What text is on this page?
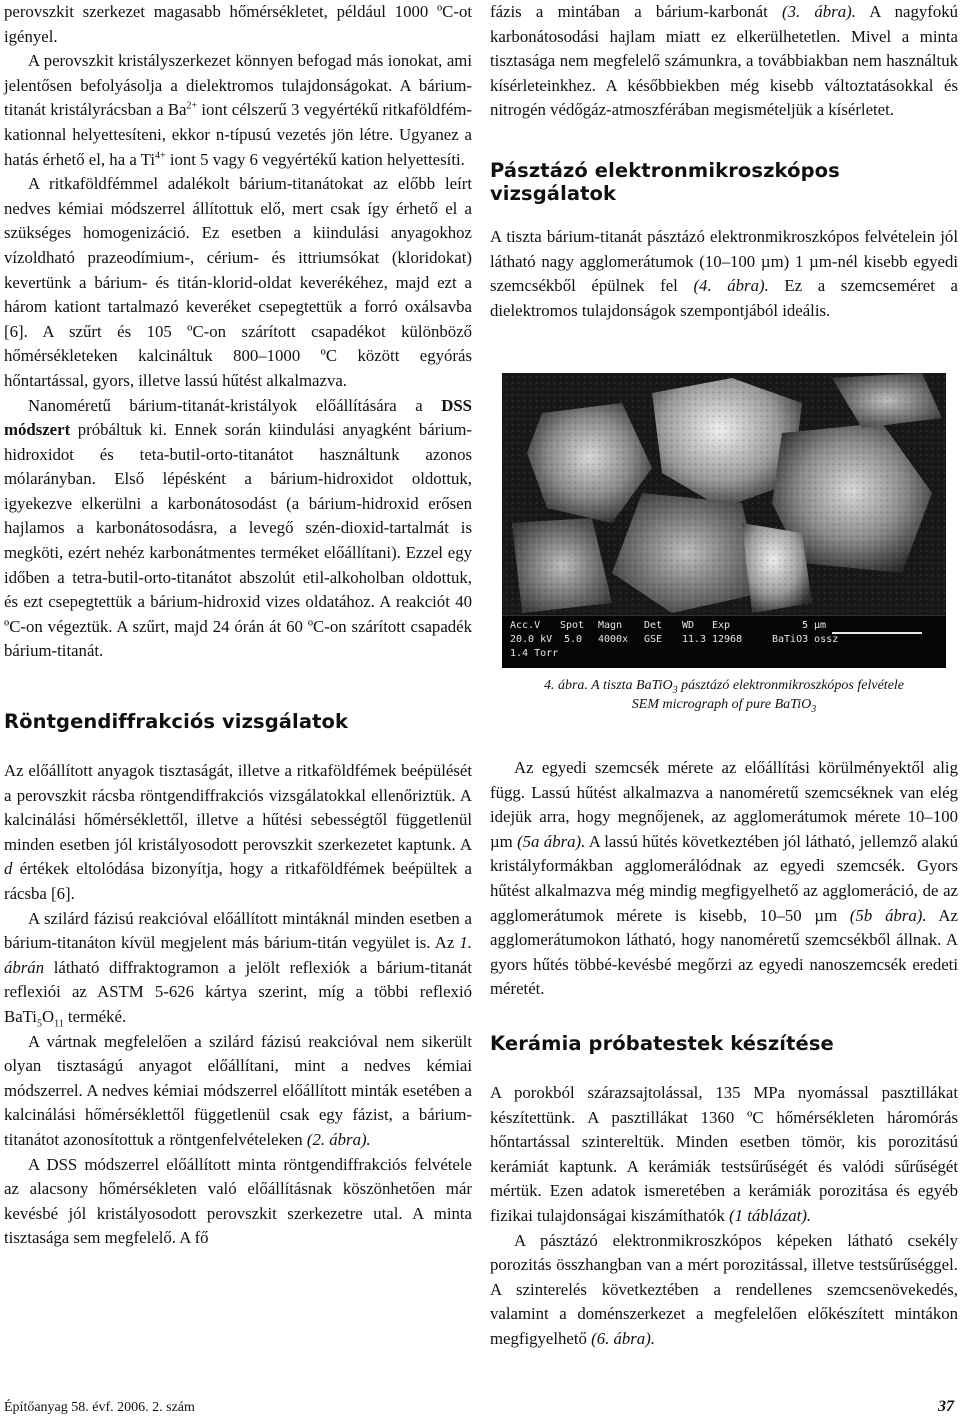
perovszkit szerkezet magasabb hőmérsékletet, például 1000 ºC-ot igényel.

A perovszkit kristályszerkezet könnyen befogad más ionokat, ami jelentősen befolyásolja a dielektromos tulajdonságokat. A bárium-titanát kristályrácsban a $Ba^{2+}$ iont célszerű 3 vegyértékű ritkaföldfém-kationnal helyettesíteni, ekkor n-típusú vezetés jön létre. Ugyanez a hatás érhető el, ha a $Ti^{4+}$ iont 5 vagy 6 vegyértékű kation helyettesíti.

A ritkaföldfémmel adalékolt bárium-titanátokat az előbb leírt nedves kémiai módszerrel állítottuk elő, mert csak így érhető el a szükséges homogenizáció. Ez esetben a kiindulási anyagokhoz vízoldható prazeodímium-, cérium- és ittriumsókat (kloridokat) kevertünk a bárium- és titán-klorid-oldat keverékéhez, majd ezt a három kationt tartalmazó keveréket csepegtettük a forró oxálsavba [6]. A szűrt és 105 ºC-on szárított csapadékot különböző hőmérsékleteken kalcináltuk 800–1000 ºC között egyórás hőntartással, gyors, illetve lassú hűtést alkalmazva.

Nanoméretű bárium-titanát-kristályok előállítására a DSS módszert próbáltuk ki. Ennek során kiindulási anyagként bárium-hidroxidot és teta-butil-orto-titanátot használtunk azonos mólarányban. Első lépésként a bárium-hidroxidot oldottuk, igyekezve elkerülni a karbonátosodást (a bárium-hidroxid erősen hajlamos a karbonátosodásra, a levegő szén-dioxid-tartalmát is megköti, ezért nehéz karbonátmentes terméket előállítani). Ezzel egy időben a tetra-butil-orto-titanátot abszolút etil-alkoholban oldottuk, és ezt csepegtettük a bárium-hidroxid vizes oldatához. A reakciót 40 ºC-on végeztük. A szűrt, majd 24 órán át 60 ºC-on szárított csapadék bárium-titanát.

Röntgendiffrakciós vizsgálatok

Az előállított anyagok tisztaságát, illetve a ritkaföldfémek beépülését a perovszkit rácsba röntgendiffrakciós vizsgálatokkal ellenőriztük. A kalcinálási hőmérséklettől, illetve a hűtési sebességtől függetlenül minden esetben jól kristályosodott perovszkit szerkezetet kaptunk. A d értékek eltolódása bizonyítja, hogy a ritkaföldfémek beépültek a rácsba [6].

A szilárd fázisú reakcióval előállított mintáknál minden esetben a bárium-titanáton kívül megjelent más bárium-titán vegyület is. Az 1. ábrán látható diffraktogramon a jelölt reflexiók a bárium-titanát reflexiói az ASTM 5-626 kártya szerint, míg a többi reflexió $BaTi_5O_{11}$ terméké.

A vártnak megfelelően a szilárd fázisú reakcióval nem sikerült olyan tisztaságú anyagot előállítani, mint a nedves kémiai módszerrel. A nedves kémiai módszerrel előállított minták esetében a kalcinálási hőmérséklettől függetlenül csak egy fázist, a bárium-titanátot azonosítottuk a röntgenfelvételeken (2. ábra).

A DSS módszerrel előállított minta röntgendiffrakciós felvétele az alacsony hőmérsékleten való előállításnak köszönhetően már kevésbé jól kristályosodott perovszkit szerkezetre utal. A minta tisztasága sem megfelelő. A fő

fázis a mintában a bárium-karbonát (3. ábra). A nagyfokú karbonátosodási hajlam miatt ez elkerülhetetlen. Mivel a minta tisztasága nem megfelelő számunkra, a továbbiakban nem használtuk kísérleteinkhez. A későbbiekben még kisebb változtatásokkal és nitrogén védőgáz-atmoszférában megismételjük a kísérletet.

Pásztázó elektronmikroszkópos vizsgálatok

A tiszta bárium-titanát pásztázó elektronmikroszkópos felvételein jól látható nagy agglomerátumok (10–100 µm) 1 µm-nél kisebb egyedi szemcsékből épülnek fel (4. ábra). Ez a szemcseméret a dielektromos tulajdonságok szempontjából ideális.

Acc.V Spot Magn Det WD Exp
20.0 kV 5.0 4000x GSE 11.3 12968
1.4 Torr
5 µm
BaTiO3 ossz
4. ábra. A tiszta BaTiO$_3$ pásztázó elektronmikroszkópos felvétele
SEM micrograph of pure BaTiO$_3$

Az egyedi szemcsék mérete az előállítási körülményektől alig függ. Lassú hűtést alkalmazva a nanoméretű szemcséknek van elég idejük arra, hogy megnőjenek, az agglomerátumok mérete 10–100 µm (5a ábra). A lassú hűtés következtében jól látható, jellemző alakú kristályformákban agglomerálódnak az egyedi szemcsék. Gyors hűtést alkalmazva még mindig megfigyelhető az agglomeráció, de az agglomerátumok mérete is kisebb, 10–50 µm (5b ábra). Az agglomerátumokon látható, hogy nanoméretű szemcsékből állnak. A gyors hűtés többé-kevésbé megőrzi az egyedi nanoszemcsék eredeti méretét.

Kerámia próbatestek készítése

A porokból szárazsajtolással, 135 MPa nyomással pasztillákat készítettünk. A pasztillákat 1360 ºC hőmérsékleten háromórás hőntartással szintereltük. Minden esetben tömör, kis porozitású kerámiát kaptunk. A kerámiák testsűrűségét és valódi sűrűségét mértük. Ezen adatok ismeretében a kerámiák porozitása és egyéb fizikai tulajdonságai kiszámíthatók (1 táblázat).

A pásztázó elektronmikroszkópos képeken látható csekély porozitás összhangban van a mért porozitással, illetve testsűrűséggel. A szinterelés következtében a rendellenes szemcsenövekedés, valamint a doménszerkezet a megfelelően előkészített mintákon megfigyelhető (6. ábra).

Építőanyag 58. évf. 2006. 2. szám	37
